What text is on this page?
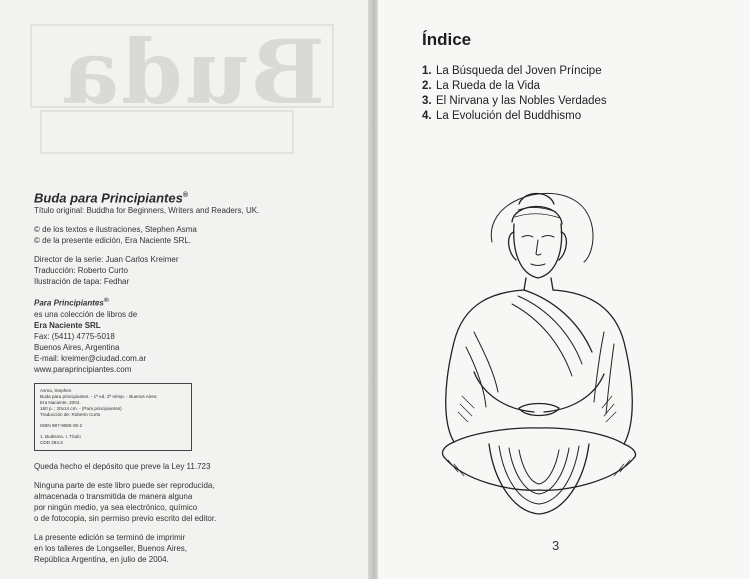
Buda
Buda para Principiantes®
Título original: Buddha for Beginners, Writers and Readers, UK.
© de los textos e ilustraciones, Stephen Asma
© de la presente edición, Era Naciente SRL.
Director de la serie: Juan Carlos Kreimer
Traducción: Roberto Curto
Ilustración de tapa: Fedhar
Para Principiantes®
es una colección de libros de
Era Naciente SRL
Fax: (5411) 4775-5018
Buenos Aires, Argentina
E-mail: kreimer@ciudad.com.ar
www.paraprincipiantes.com
Asma, Stephen
Buda para principiantes. - 1ª ed. 2ª reimp. - Buenos Aires:
Era Naciente, 2004.
160 p. ; 20x14 cm. - (Para principiantes)
Traducción de: Roberto Curto
ISBN 987-9065-35-2
1. Budismo. I. Título
CDD 294.3
Queda hecho el depósito que preve la Ley 11.723
Ninguna parte de este libro puede ser reproducida,
almacenada o transmitida de manera alguna
por ningún medio, ya sea electrónico, químico
o de fotocopia, sin permiso previo escrito del editor.
La presente edición se terminó de imprimir
en los talleres de Longseller, Buenos Aires,
República Argentina, en julio de 2004.
Índice
1. La Búsqueda del Joven Príncipe
2. La Rueda de la Vida
3. El Nirvana y las Nobles Verdades
4. La Evolución del Buddhismo
3
